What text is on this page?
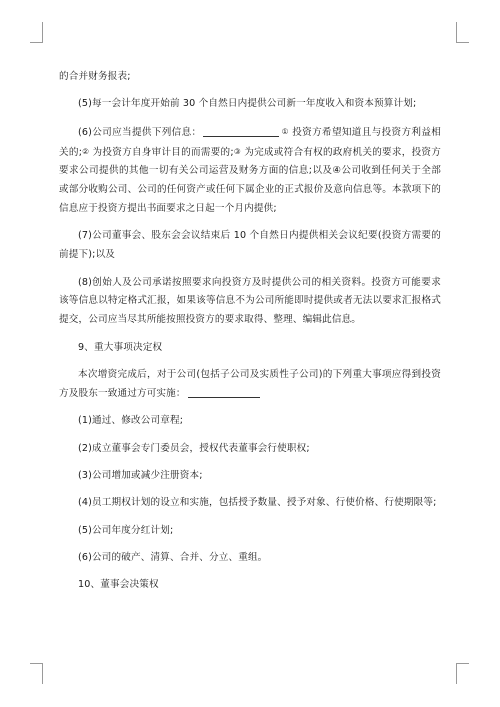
的合并财务报表;

(5)每一会计年度开始前 30 个自然日内提供公司新一年度收入和资本预算计划;

(6)公司应当提供下列信息：	① 投资方希望知道且与投资方利益相关的;② 为投资方自身审计目的而需要的;③ 为完成或符合有权的政府机关的要求，投资方要求公司提供的其他一切有关公司运营及财务方面的信息;以及④公司收到任何关于全部或部分收购公司、公司的任何资产或任何下属企业的正式报价及意向信息等。本款项下的信息应于投资方提出书面要求之日起一个月内提供;

(7)公司董事会、股东会会议结束后 10 个自然日内提供相关会议纪要(投资方需要的前提下);以及

(8)创始人及公司承诺按照要求向投资方及时提供公司的相关资料。投资方可能要求该等信息以特定格式汇报，如果该等信息不为公司所能即时提供或者无法以要求汇报格式提交，公司应当尽其所能按照投资方的要求取得、整理、编辑此信息。

9、重大事项决定权

本次增资完成后，对于公司(包括子公司及实质性子公司)的下列重大事项应得到投资方及股东一致通过方可实施：

(1)通过、修改公司章程;

(2)成立董事会专门委员会，授权代表董事会行使职权;

(3)公司增加或减少注册资本;

(4)员工期权计划的设立和实施，包括授予数量、授予对象、行使价格、行使期限等;

(5)公司年度分红计划;

(6)公司的破产、清算、合并、分立、重组。

10、董事会决策权
